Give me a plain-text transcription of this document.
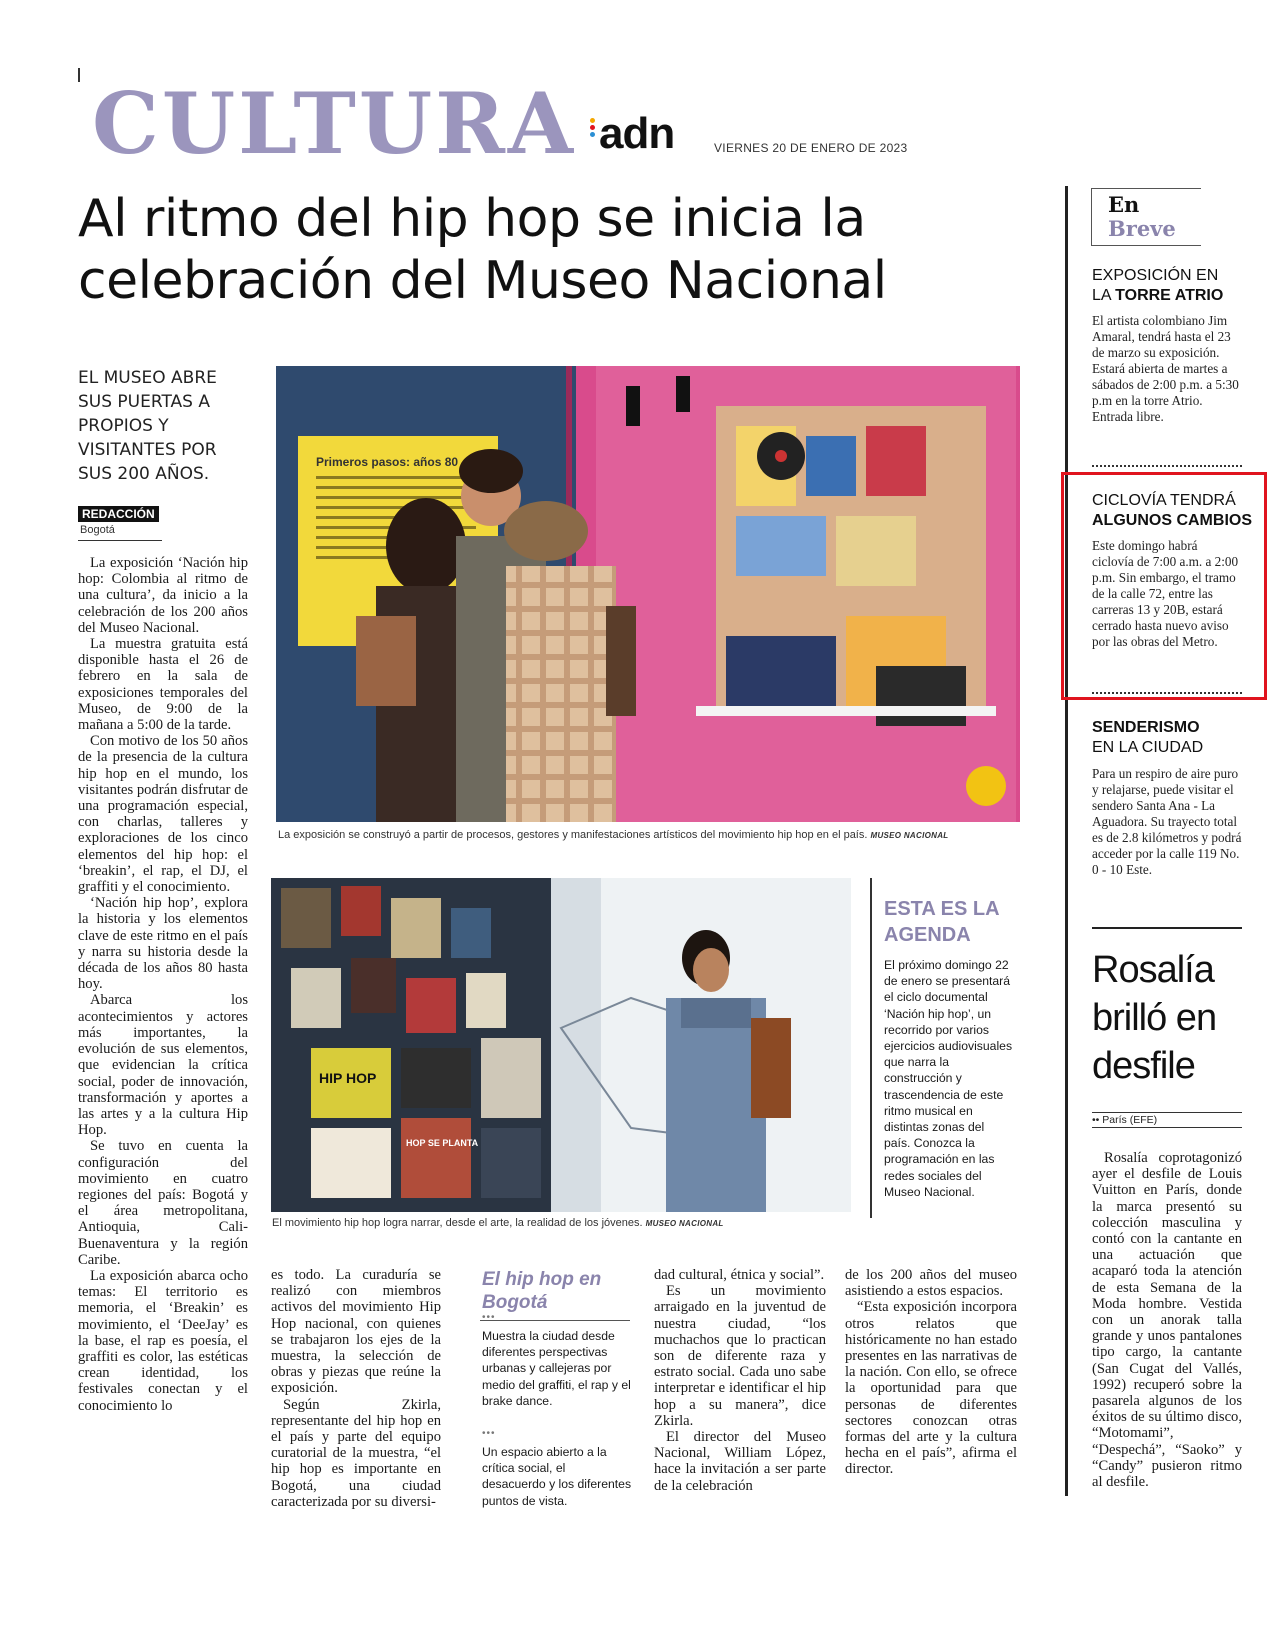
CULTURA adn	VIERNES 20 DE ENERO DE 2023
Al ritmo del hip hop se inicia la celebración del Museo Nacional
EL MUSEO ABRE SUS PUERTAS A PROPIOS Y VISITANTES POR SUS 200 AÑOS.
REDACCIÓN
Bogotá

La exposición ‘Nación hip hop: Colombia al ritmo de una cultura’, da inicio a la celebración de los 200 años del Museo Nacional.

La muestra gratuita está disponible hasta el 26 de febrero en la sala de exposiciones temporales del Museo, de 9:00 de la mañana a 5:00 de la tarde.

Con motivo de los 50 años de la presencia de la cultura hip hop en el mundo, los visitantes podrán disfrutar de una programación especial, con charlas, talleres y exploraciones de los cinco elementos del hip hop: el ‘breakin’, el rap, el DJ, el graffiti y el conocimiento.

‘Nación hip hop’, explora la historia y los elementos clave de este ritmo en el país y narra su historia desde la década de los años 80 hasta hoy.

Abarca los acontecimientos y actores más importantes, la evolución de sus elementos, que evidencian la crítica social, poder de innovación, transformación y aportes a las artes y a la cultura Hip Hop.

Se tuvo en cuenta la configuración del movimiento en cuatro regiones del país: Bogotá y el área metropolitana, Antioquia, Cali-Buenaventura y la región Caribe.

La exposición abarca ocho temas: El territorio es memoria, el ‘Breakin’ es movimiento, el ‘DeeJay’ es la base, el rap es poesía, el graffiti es color, las estéticas crean identidad, los festivales conectan y el conocimiento lo

Primeros pasos: años 80
La exposición se construyó a partir de procesos, gestores y manifestaciones artísticos del movimiento hip hop en el país. MUSEO NACIONAL
HIP HOP
HOP SE PLANTA
El movimiento hip hop logra narrar, desde el arte, la realidad de los jóvenes. MUSEO NACIONAL
ESTA ES LA AGENDA
El próximo domingo 22 de enero se presentará el ciclo documental ‘Nación hip hop’, un recorrido por varios ejercicios audiovisuales que narra la construcción y trascendencia de este ritmo musical en distintas zonas del país. Conozca la programación en las redes sociales del Museo Nacional.

es todo. La curaduría se realizó con miembros activos del movimiento Hip Hop nacional, con quienes se trabajaron los ejes de la muestra, la selección de obras y piezas que reúne la exposición.

Según Zkirla, representante del hip hop en el país y parte del equipo curatorial de la muestra, “el hip hop es importante en Bogotá, una ciudad caracterizada por su diversi-

El hip hop en Bogotá
•••
Muestra la ciudad desde diferentes perspectivas urbanas y callejeras por medio del graffiti, el rap y el brake dance.
•••
Un espacio abierto a la crítica social, el desacuerdo y los diferentes puntos de vista.

dad cultural, étnica y social”.

Es un movimiento arraigado en la juventud de nuestra ciudad, “los muchachos que lo practican son de diferente raza y estrato social. Cada uno sabe interpretar e identificar el hip hop a su manera”, dice Zkirla.

El director del Museo Nacional, William López, hace la invitación a ser parte de la celebración

de los 200 años del museo asistiendo a estos espacios.

“Esta exposición incorpora otros relatos que históricamente no han estado presentes en las narrativas de la nación. Con ello, se ofrece la oportunidad para que personas de diferentes sectores conozcan otras formas del arte y la cultura hecha en el país”, afirma el director.

En
Breve
EXPOSICIÓN EN
LA TORRE ATRIO
El artista colombiano Jim Amaral, tendrá hasta el 23 de marzo su exposición. Estará abierta de martes a sábados de 2:00 p.m. a 5:30 p.m en la torre Atrio. Entrada libre.
CICLOVÍA TENDRÁ
ALGUNOS CAMBIOS
Este domingo habrá ciclovía de 7:00 a.m. a 2:00 p.m. Sin embargo, el tramo de la calle 72, entre las carreras 13 y 20B, estará cerrado hasta nuevo aviso por las obras del Metro.
SENDERISMO
EN LA CIUDAD
Para un respiro de aire puro y relajarse, puede visitar el sendero Santa Ana - La Aguadora. Su trayecto total es de 2.8 kilómetros y podrá acceder por la calle 119 No. 0 - 10 Este.
Rosalía brilló en desfile
•• París (EFE)

Rosalía coprotagonizó ayer el desfile de Louis Vuitton en París, donde la marca presentó su colección masculina y contó con la cantante en una actuación que acaparó toda la atención de esta Semana de la Moda hombre. Vestida con un anorak talla grande y unos pantalones tipo cargo, la cantante (San Cugat del Vallés, 1992) recuperó sobre la pasarela algunos de los éxitos de su último disco, “Motomami”, “Despechá”, “Saoko” y “Candy” pusieron ritmo al desfile.
